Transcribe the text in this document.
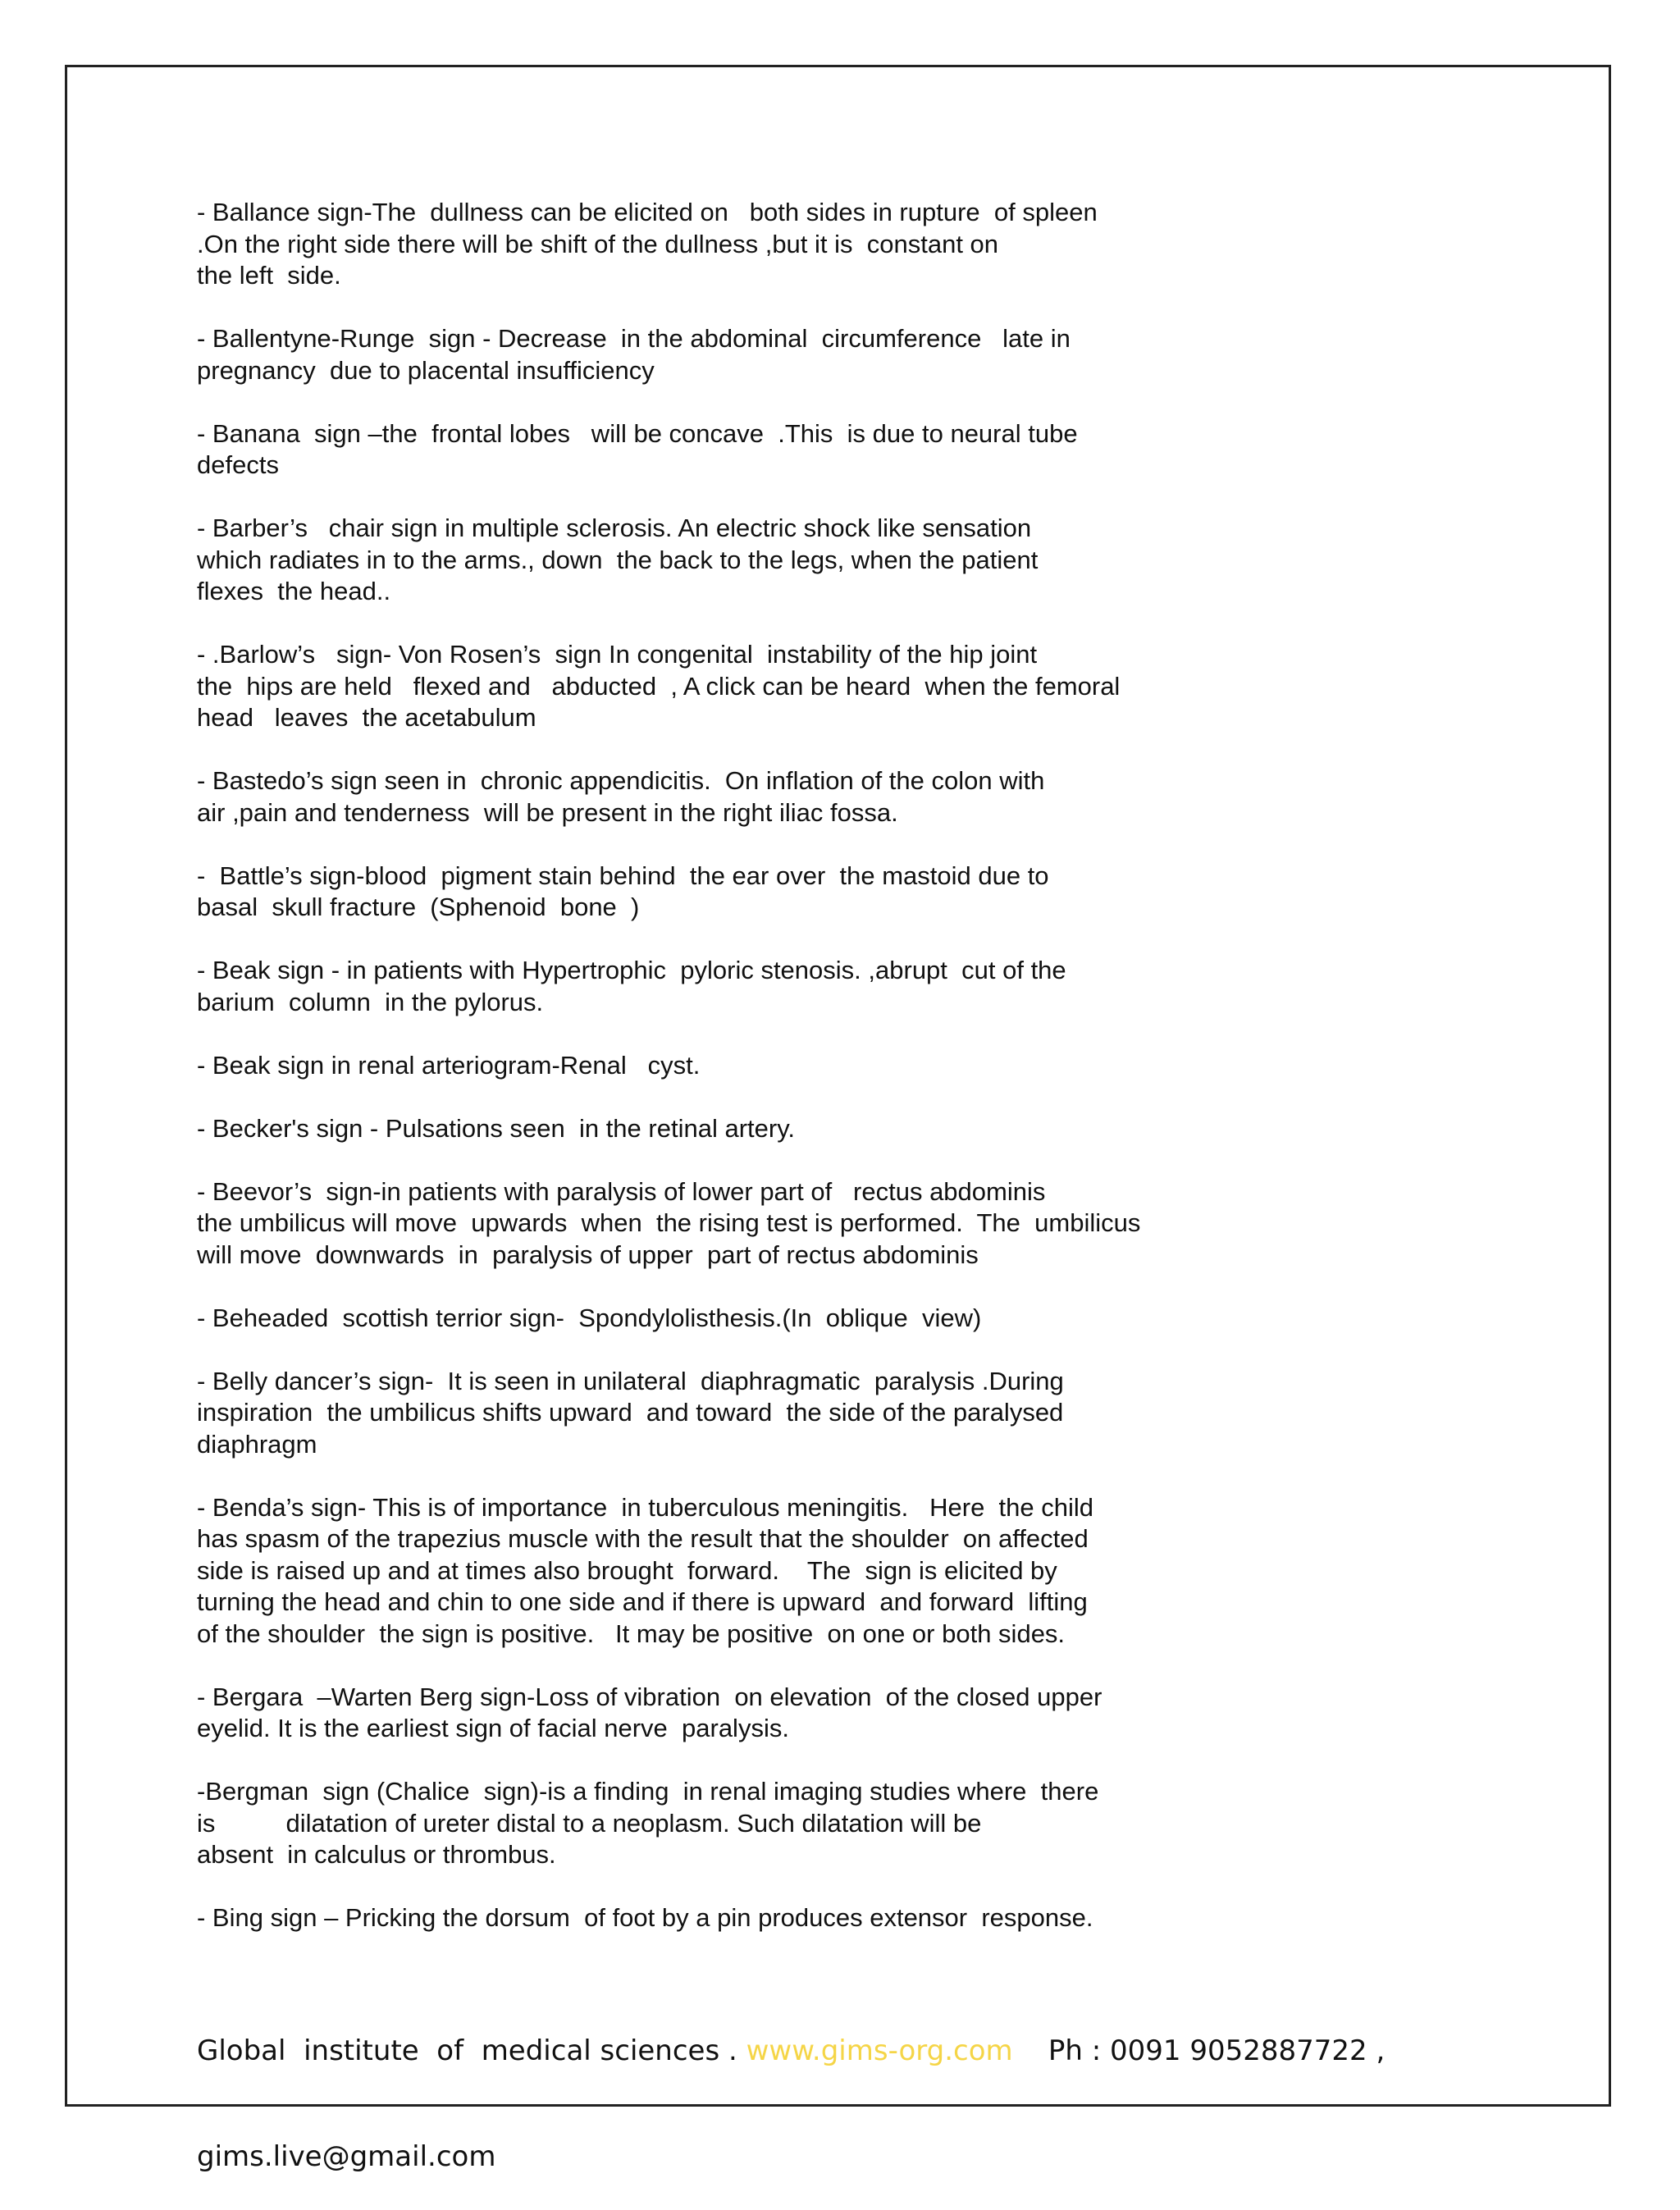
- Ballance sign-The  dullness can be elicited on   both sides in rupture  of spleen
.On the right side there will be shift of the dullness ,but it is  constant on
the left  side.
- Ballentyne-Runge  sign - Decrease  in the abdominal  circumference   late in
pregnancy  due to placental insufficiency
- Banana  sign –the  frontal lobes   will be concave  .This  is due to neural tube
defects
- Barber’s   chair sign in multiple sclerosis. An electric shock like sensation
which radiates in to the arms., down  the back to the legs, when the patient
flexes  the head..
- .Barlow’s   sign- Von Rosen’s  sign In congenital  instability of the hip joint
the  hips are held   flexed and   abducted  , A click can be heard  when the femoral
head   leaves  the acetabulum
- Bastedo’s sign seen in  chronic appendicitis.  On inflation of the colon with
air ,pain and tenderness  will be present in the right iliac fossa.
-  Battle’s sign-blood  pigment stain behind  the ear over  the mastoid due to
basal  skull fracture  (Sphenoid  bone  )
- Beak sign - in patients with Hypertrophic  pyloric stenosis. ,abrupt  cut of the
barium  column  in the pylorus.
- Beak sign in renal arteriogram-Renal   cyst.
- Becker's sign - Pulsations seen  in the retinal artery.
- Beevor’s  sign-in patients with paralysis of lower part of   rectus abdominis
the umbilicus will move  upwards  when  the rising test is performed.  The  umbilicus
will move  downwards  in  paralysis of upper  part of rectus abdominis
- Beheaded  scottish terrior sign-  Spondylolisthesis.(In  oblique  view)
- Belly dancer’s sign-  It is seen in unilateral  diaphragmatic  paralysis .During
inspiration  the umbilicus shifts upward  and toward  the side of the paralysed
diaphragm
- Benda’s sign- This is of importance  in tuberculous meningitis.   Here  the child
has spasm of the trapezius muscle with the result that the shoulder  on affected
side is raised up and at times also brought  forward.    The  sign is elicited by
turning the head and chin to one side and if there is upward  and forward  lifting
of the shoulder  the sign is positive.   It may be positive  on one or both sides.
- Bergara  –Warten Berg sign-Loss of vibration  on elevation  of the closed upper
eyelid. It is the earliest sign of facial nerve  paralysis.
-Bergman  sign (Chalice  sign)-is a finding  in renal imaging studies where  there
is          dilatation of ureter distal to a neoplasm. Such dilatation will be
absent  in calculus or thrombus.
- Bing sign – Pricking the dorsum  of foot by a pin produces extensor  response.

Global  institute  of  medical sciences . www.gims-org.com    Ph : 0091 9052887722 ,

gims.live@gmail.com
